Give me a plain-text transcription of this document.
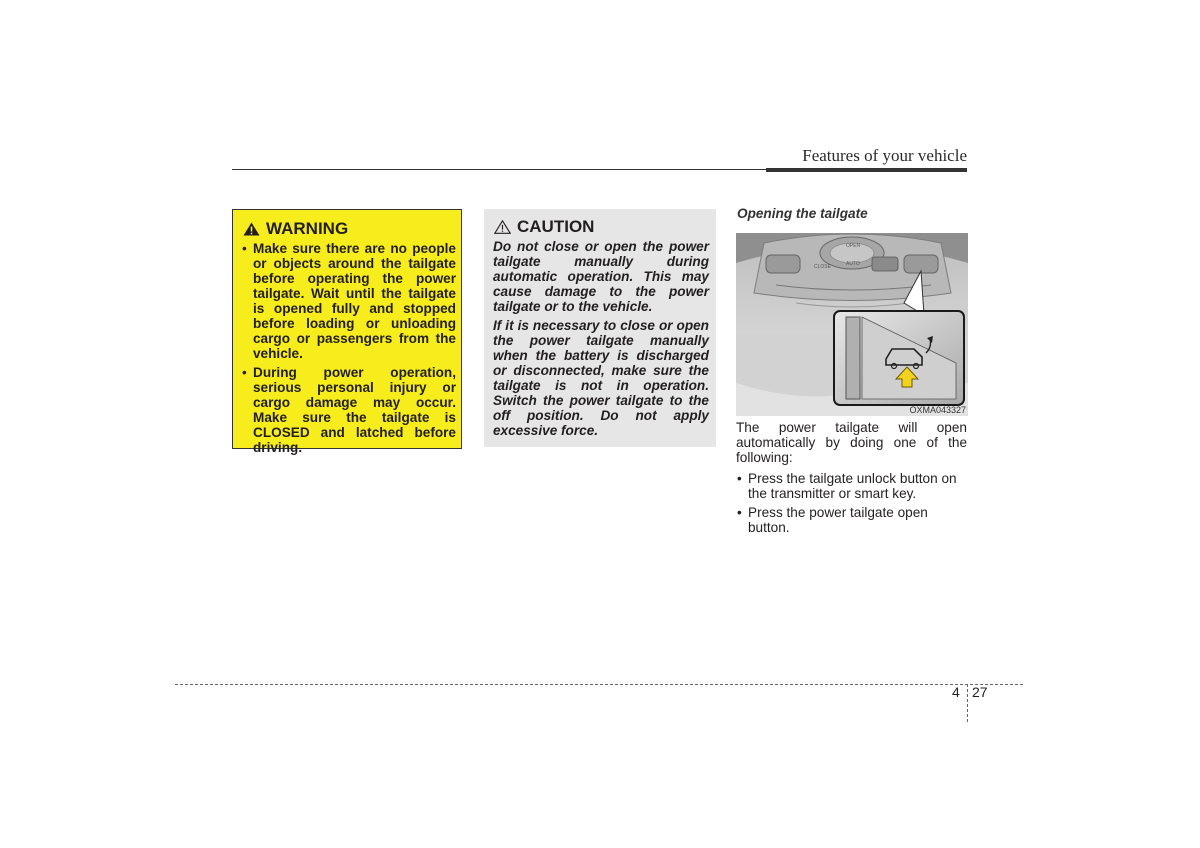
Features of your vehicle
WARNING
• Make sure there are no people or objects around the tailgate before operating the power tailgate. Wait until the tailgate is opened fully and stopped before loading or unloading cargo or passengers from the vehicle.
• During power operation, serious personal injury or cargo damage may occur. Make sure the tailgate is CLOSED and latched before driving.
CAUTION

Do not close or open the power tailgate manually during automatic operation. This may cause damage to the power tailgate or to the vehicle.

If it is necessary to close or open the power tailgate manually when the battery is discharged or disconnected, make sure the tailgate is not in operation. Switch the power tailgate to the off position. Do not apply excessive force.

Opening the tailgate
OPEN
CLOSE	AUTO
OXMA043327

The power tailgate will open automatically by doing one of the following:

• Press the tailgate unlock button on the transmitter or smart key.
• Press the power tailgate open button.
4 27
